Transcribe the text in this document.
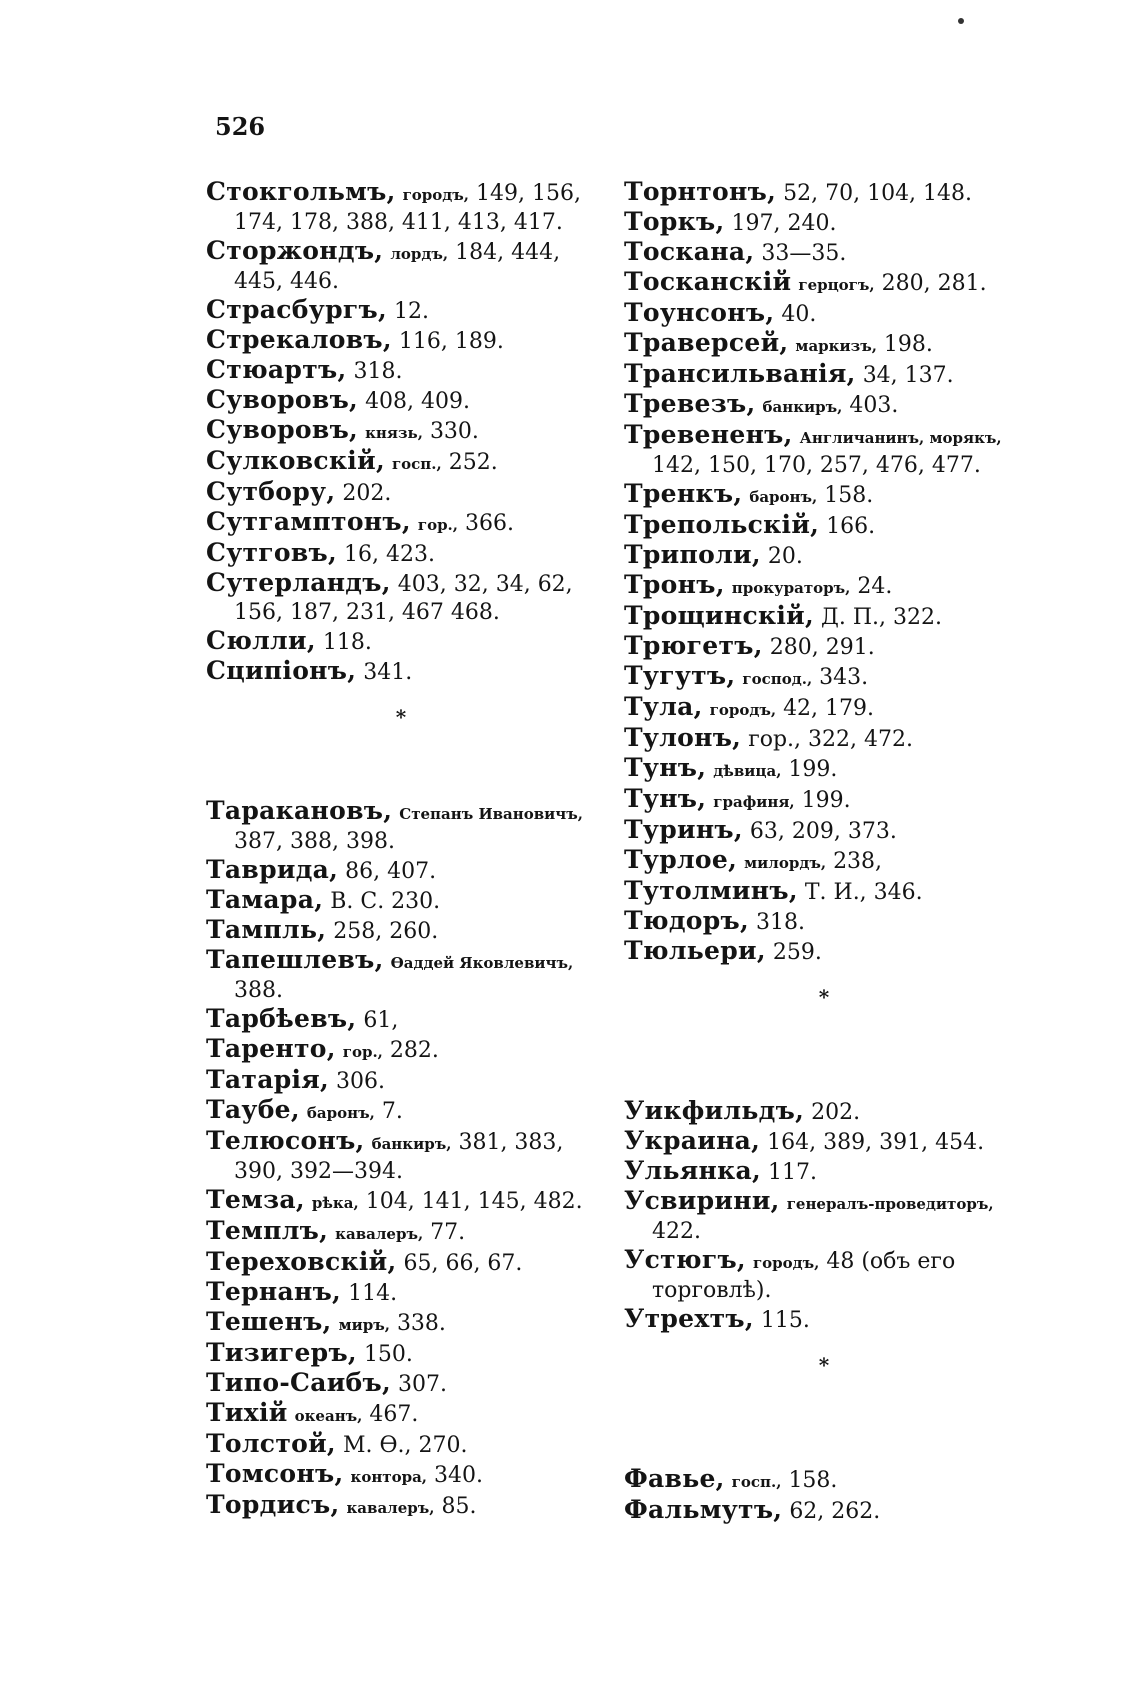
526

Стокгольмъ, городъ, 149, 156, 174, 178, 388, 411, 413, 417.

Сторжондъ, лордъ, 184, 444, 445, 446.

Страсбургъ, 12.

Стрекаловъ, 116, 189.

Стюартъ, 318.

Суворовъ, 408, 409.

Суворовъ, князь, 330.

Сулковскій, госп., 252.

Сутбору, 202.

Сутгамптонъ, гор., 366.

Сутговъ, 16, 423.

Сутерландъ, 403, 32, 34, 62, 156, 187, 231, 467 468.

Сюлли, 118.

Сципіонъ, 341.

*

Таракановъ, Степанъ Ивановичъ, 387, 388, 398.

Таврида, 86, 407.

Тамара, В. С. 230.

Тампль, 258, 260.

Тапешлевъ, Ѳаддей Яковлевичъ, 388.

Тарбѣевъ, 61,

Таренто, гор., 282.

Татарія, 306.

Таубе, баронъ, 7.

Телюсонъ, банкиръ, 381, 383, 390, 392—394.

Темза, рѣка, 104, 141, 145, 482.

Темплъ, кавалеръ, 77.

Тереховскій, 65, 66, 67.

Тернанъ, 114.

Тешенъ, миръ, 338.

Тизигеръ, 150.

Типо-Саибъ, 307.

Тихій океанъ, 467.

Толстой, М. Ѳ., 270.

Томсонъ, контора, 340.

Тордисъ, кавалеръ, 85.

Торнтонъ, 52, 70, 104, 148.

Торкъ, 197, 240.

Тоскана, 33—35.

Тосканскій герцогъ, 280, 281.

Тоунсонъ, 40.

Траверсей, маркизъ, 198.

Трансильванія, 34, 137.

Тревезъ, банкиръ, 403.

Тревененъ, Англичанинъ, морякъ, 142, 150, 170, 257, 476, 477.

Тренкъ, баронъ, 158.

Трепольскій, 166.

Триполи, 20.

Тронъ, прокураторъ, 24.

Трощинскій, Д. П., 322.

Трюгетъ, 280, 291.

Тугутъ, господ., 343.

Тула, городъ, 42, 179.

Тулонъ, гор., 322, 472.

Тунъ, дѣвица, 199.

Тунъ, графиня, 199.

Туринъ, 63, 209, 373.

Турлое, милордъ, 238,

Тутолминъ, Т. И., 346.

Тюдоръ, 318.

Тюльери, 259.

*

Уикфильдъ, 202.

Украина, 164, 389, 391, 454.

Ульянка, 117.

Усвирини, генералъ-проведиторъ, 422.

Устюгъ, городъ, 48 (объ его торговлѣ).

Утрехтъ, 115.

*

Фавье, госп., 158.

Фальмутъ, 62, 262.
